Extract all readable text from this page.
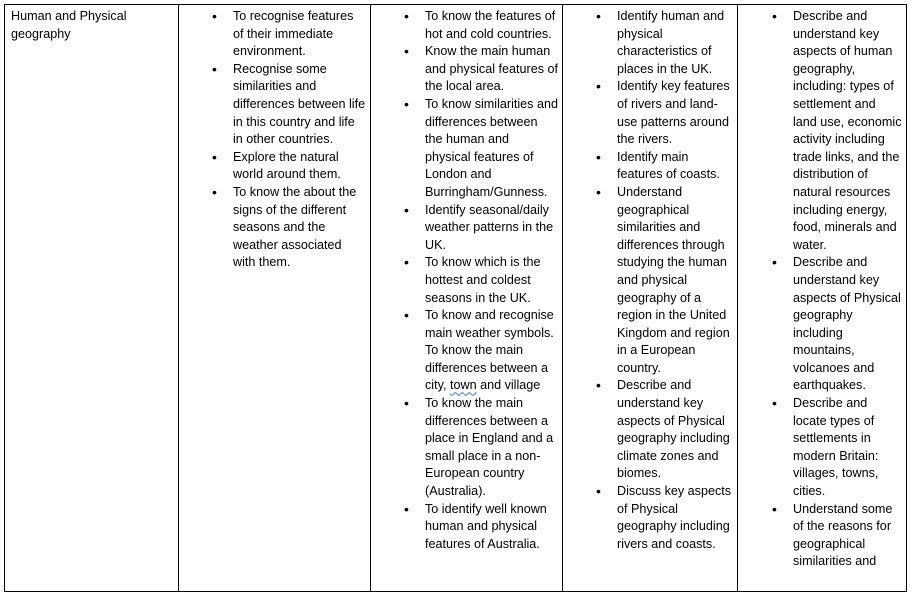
Human and Physical geography	
• To recognise features of their immediate environment.
• Recognise some similarities and differences between life in this country and life in other countries.
• Explore the natural world around them.
• To know the about the signs of the different seasons and the weather associated with them.

• To know the features of hot and cold countries.
• Know the main human and physical features of the local area.
• To know similarities and differences between the human and physical features of London and Burringham/Gunness.
• Identify seasonal/daily weather patterns in the UK.
• To know which is the hottest and coldest seasons in the UK.
• To know and recognise main weather symbols. To know the main differences between a city, town and village
• To know the main differences between a place in England and a small place in a non-European country (Australia).
• To identify well known human and physical features of Australia.

• Identify human and physical characteristics of places in the UK.
• Identify key features of rivers and land-use patterns around the rivers.
• Identify main features of coasts.
• Understand geographical similarities and differences through studying the human and physical geography of a region in the United Kingdom and region in a European country.
• Describe and understand key aspects of Physical geography including climate zones and biomes.
• Discuss key aspects of Physical geography including rivers and coasts.

• Describe and understand key aspects of human geography, including: types of settlement and land use, economic activity including trade links, and the distribution of natural resources including energy, food, minerals and water.
• Describe and understand key aspects of Physical geography including mountains, volcanoes and earthquakes.
• Describe and locate types of settlements in modern Britain: villages, towns, cities.
• Understand some of the reasons for geographical similarities and
